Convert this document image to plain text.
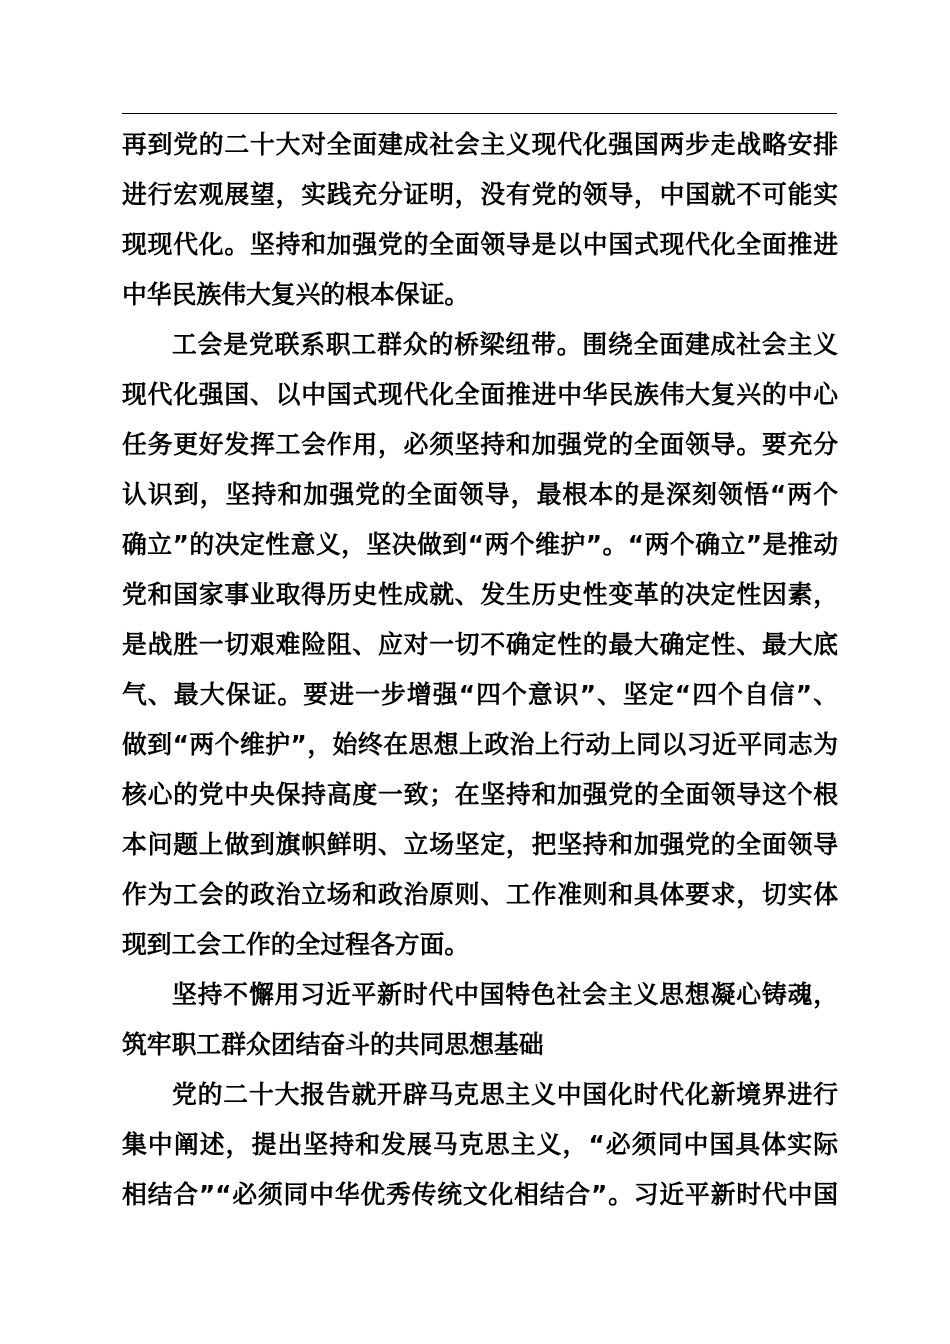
再到党的二十大对全面建成社会主义现代化强国两步走战略安排
进行宏观展望，实践充分证明，没有党的领导，中国就不可能实
现现代化。坚持和加强党的全面领导是以中国式现代化全面推进
中华民族伟大复兴的根本保证。
工会是党联系职工群众的桥梁纽带。围绕全面建成社会主义
现代化强国、以中国式现代化全面推进中华民族伟大复兴的中心
任务更好发挥工会作用，必须坚持和加强党的全面领导。要充分
认识到，坚持和加强党的全面领导，最根本的是深刻领悟“两个
确立”的决定性意义，坚决做到“两个维护”。“两个确立”是推动
党和国家事业取得历史性成就、发生历史性变革的决定性因素，
是战胜一切艰难险阻、应对一切不确定性的最大确定性、最大底
气、最大保证。要进一步增强“四个意识”、坚定“四个自信”、
做到“两个维护”，始终在思想上政治上行动上同以习近平同志为
核心的党中央保持高度一致；在坚持和加强党的全面领导这个根
本问题上做到旗帜鲜明、立场坚定，把坚持和加强党的全面领导
作为工会的政治立场和政治原则、工作准则和具体要求，切实体
现到工会工作的全过程各方面。
坚持不懈用习近平新时代中国特色社会主义思想凝心铸魂，
筑牢职工群众团结奋斗的共同思想基础
党的二十大报告就开辟马克思主义中国化时代化新境界进行
集中阐述，提出坚持和发展马克思主义，“必须同中国具体实际
相结合”“必须同中华优秀传统文化相结合”。习近平新时代中国
